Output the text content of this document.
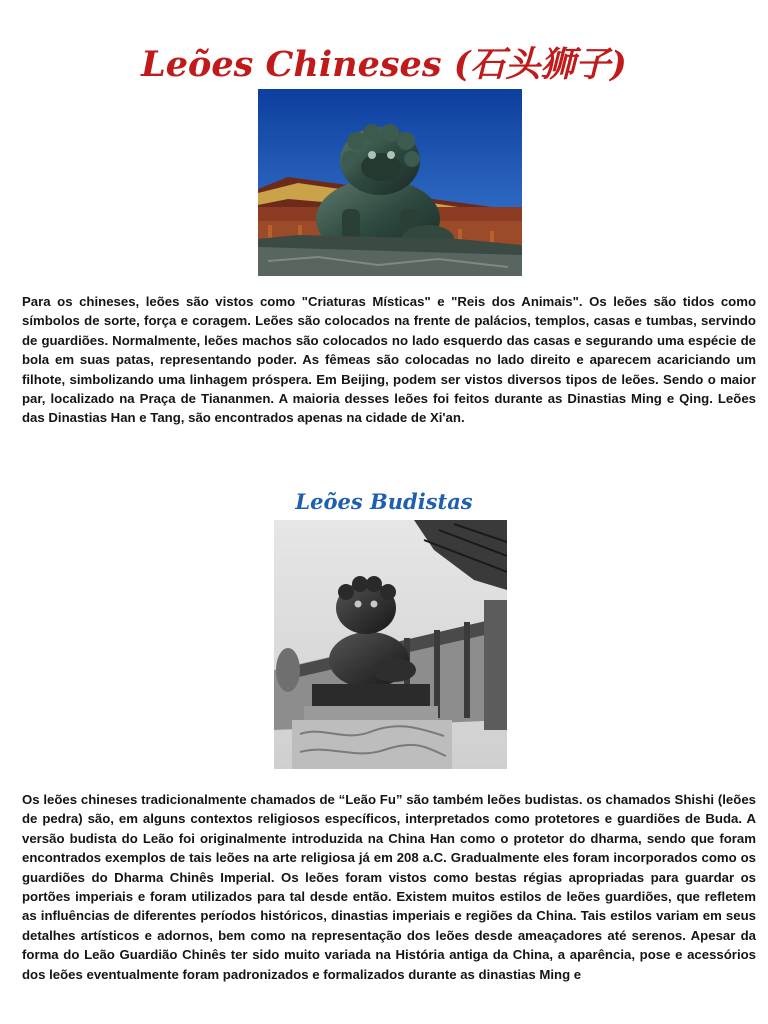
Leões Chineses (石头狮子)

Para os chineses, leões são vistos como "Criaturas Místicas" e "Reis dos Animais". Os leões são tidos como símbolos de sorte, força e coragem. Leões são colocados na frente de palácios, templos, casas e tumbas, servindo de guardiões. Normalmente, leões machos são colocados no lado esquerdo das casas e segurando uma espécie de bola em suas patas, representando poder. As fêmeas são colocadas no lado direito e aparecem acariciando um filhote, simbolizando uma linhagem próspera. Em Beijing, podem ser vistos diversos tipos de leões. Sendo o maior par, localizado na Praça de Tiananmen. A maioria desses leões foi feitos durante as Dinastias Ming e Qing. Leões das Dinastias Han e Tang, são encontrados apenas na cidade de Xi'an.

Leões Budistas

Os leões chineses tradicionalmente chamados de “Leão Fu” são também leões budistas. os chamados Shishi (leões de pedra) são, em alguns contextos religiosos específicos, interpretados como protetores e guardiões de Buda. A versão budista do Leão foi originalmente introduzida na China Han como o protetor do dharma, sendo que foram encontrados exemplos de tais leões na arte religiosa já em 208 a.C. Gradualmente eles foram incorporados como os guardiões do Dharma Chinês Imperial. Os leões foram vistos como bestas régias apropriadas para guardar os portões imperiais e foram utilizados para tal desde então. Existem muitos estilos de leões guardiões, que refletem as influências de diferentes períodos históricos, dinastias imperiais e regiões da China. Tais estilos variam em seus detalhes artísticos e adornos, bem como na representação dos leões desde ameaçadores até serenos. Apesar da forma do Leão Guardião Chinês ter sido muito variada na História antiga da China, a aparência, pose e acessórios dos leões eventualmente foram padronizados e formalizados durante as dinastias Ming e
